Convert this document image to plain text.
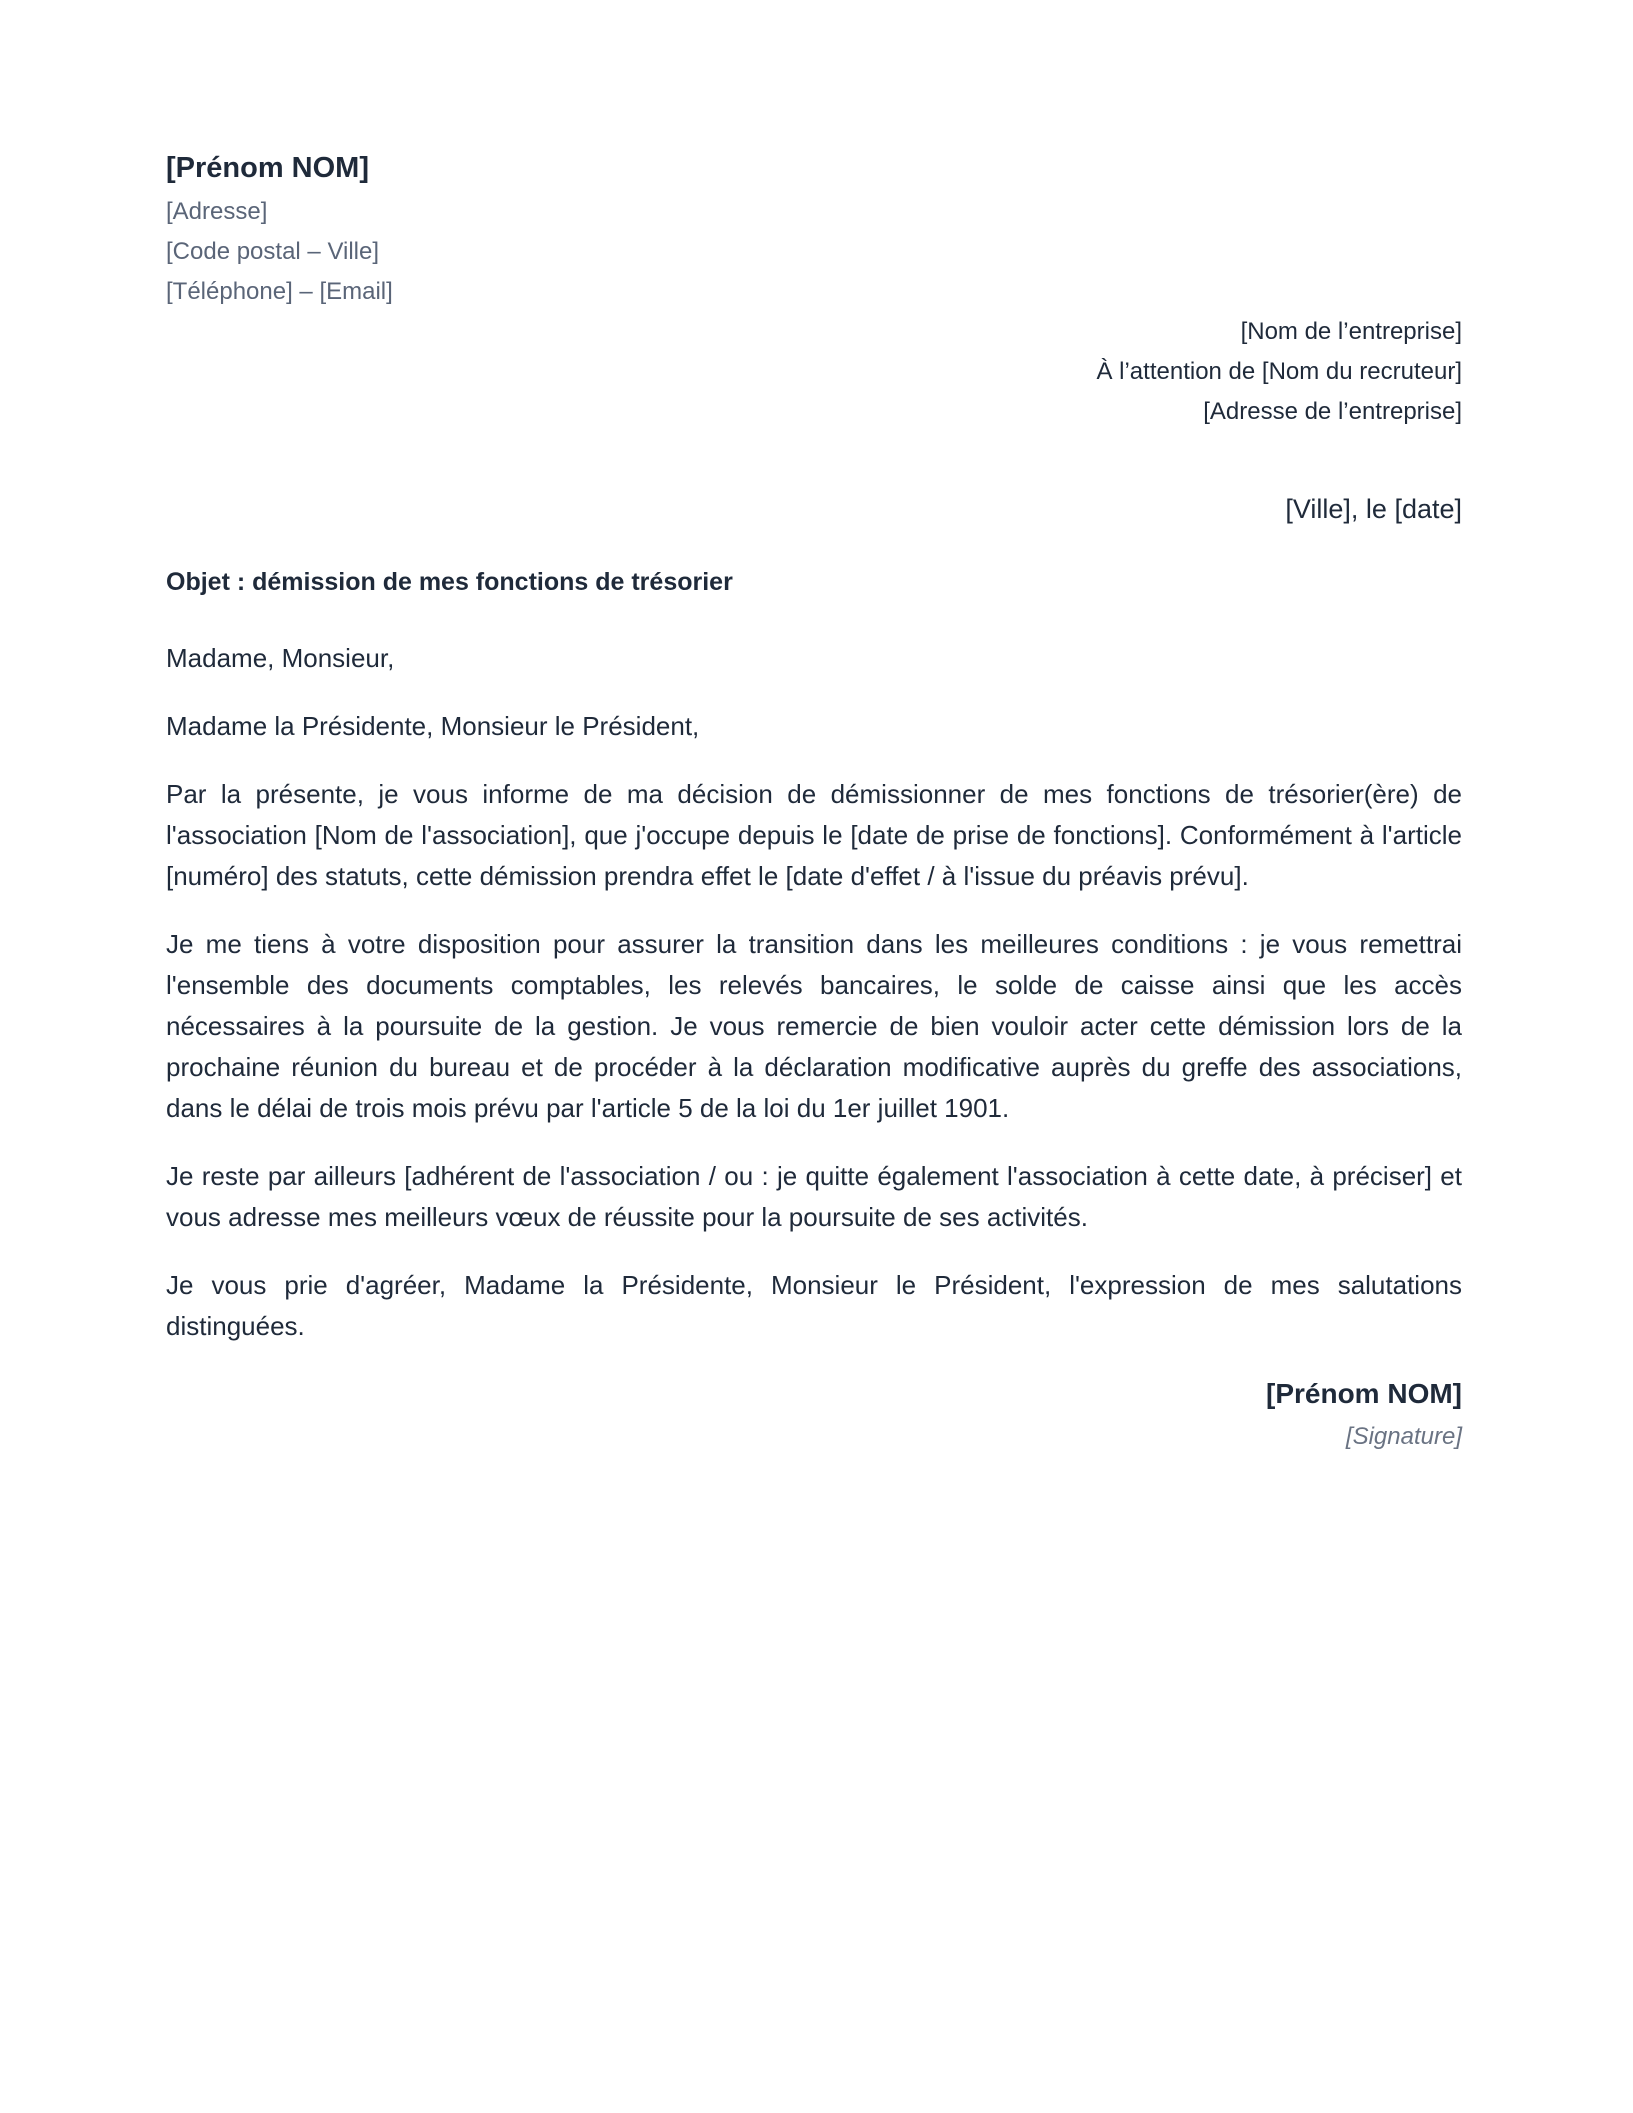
[Prénom NOM]
[Adresse]
[Code postal – Ville]
[Téléphone] – [Email]
[Nom de l’entreprise]
À l’attention de [Nom du recruteur]
[Adresse de l’entreprise]
[Ville], le [date]
Objet : démission de mes fonctions de trésorier
Madame, Monsieur,
Madame la Présidente, Monsieur le Président,

Par la présente, je vous informe de ma décision de démissionner de mes fonctions de trésorier(ère) de l'association [Nom de l'association], que j'occupe depuis le [date de prise de fonctions]. Conformément à l'article [numéro] des statuts, cette démission prendra effet le [date d'effet / à l'issue du préavis prévu].

Je me tiens à votre disposition pour assurer la transition dans les meilleures conditions : je vous remettrai l'ensemble des documents comptables, les relevés bancaires, le solde de caisse ainsi que les accès nécessaires à la poursuite de la gestion. Je vous remercie de bien vouloir acter cette démission lors de la prochaine réunion du bureau et de procéder à la déclaration modificative auprès du greffe des associations, dans le délai de trois mois prévu par l'article 5 de la loi du 1er juillet 1901.

Je reste par ailleurs [adhérent de l'association / ou : je quitte également l'association à cette date, à préciser] et vous adresse mes meilleurs vœux de réussite pour la poursuite de ses activités.

Je vous prie d'agréer, Madame la Présidente, Monsieur le Président, l'expression de mes salutations distinguées.

[Prénom NOM]
[Signature]
